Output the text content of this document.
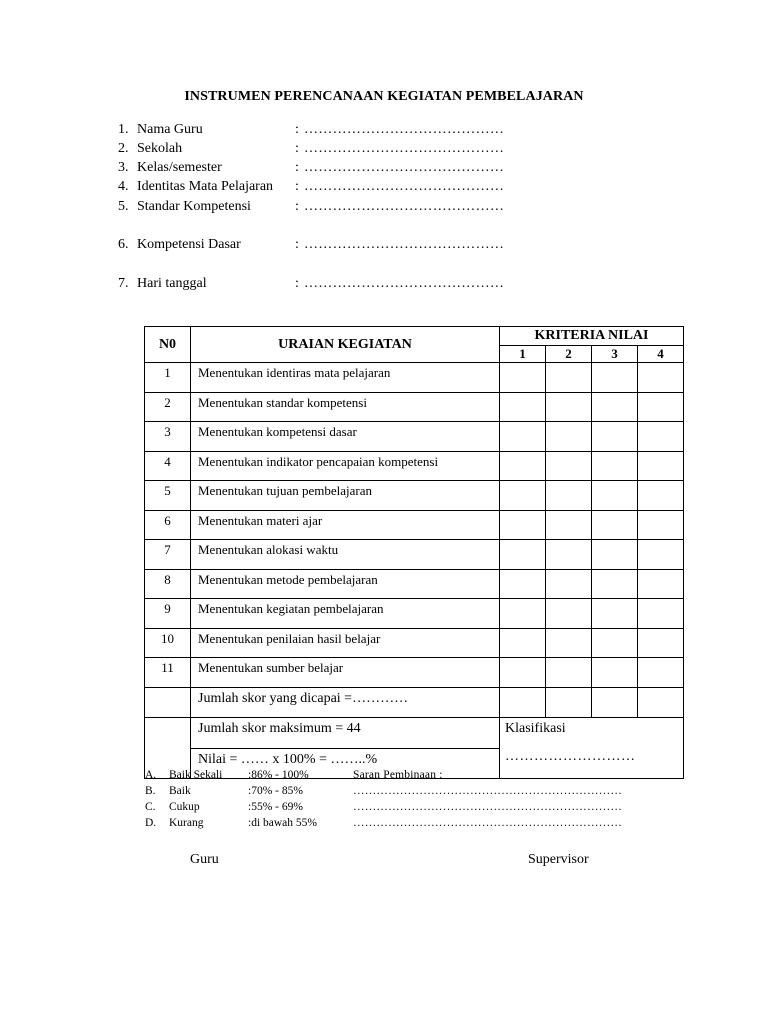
INSTRUMEN PERENCANAAN KEGIATAN PEMBELAJARAN
1. Nama Guru	: ……………………………………
2. Sekolah	: ……………………………………
3. Kelas/semester	: ……………………………………
4. Identitas Mata Pelajaran : ……………………………………
5. Standar Kompetensi	: ……………………………………
6. Kompetensi Dasar	: ……………………………………
7. Hari tanggal	: ……………………………………
N0	URAIAN KEGIATAN	KRITERIA NILAI			
		1	2	3	4
1	Menentukan identiras mata pelajaran				
2	Menentukan standar kompetensi				
3	Menentukan kompetensi dasar				
4	Menentukan indikator pencapaian kompetensi				
5	Menentukan tujuan pembelajaran				
6	Menentukan materi ajar				
7	Menentukan alokasi waktu				
8	Menentukan metode pembelajaran				
9	Menentukan kegiatan pembelajaran				
10	Menentukan penilaian hasil belajar				
11	Menentukan sumber belajar				
	Jumlah skor yang dicapai =…………				
	Jumlah skor maksimum = 44	Klasifikasi
………………………			

	Nilai = …… x 100% = ……..%				
A. Baik Sekali :86% - 100%	Saran Pembinaan :
B. Baik	:70% - 85%	……………………………………………………………
C. Cukup	:55% - 69%	……………………………………………………………
D. Kurang	:di bawah 55%	……………………………………………………………
Guru	Supervisor
